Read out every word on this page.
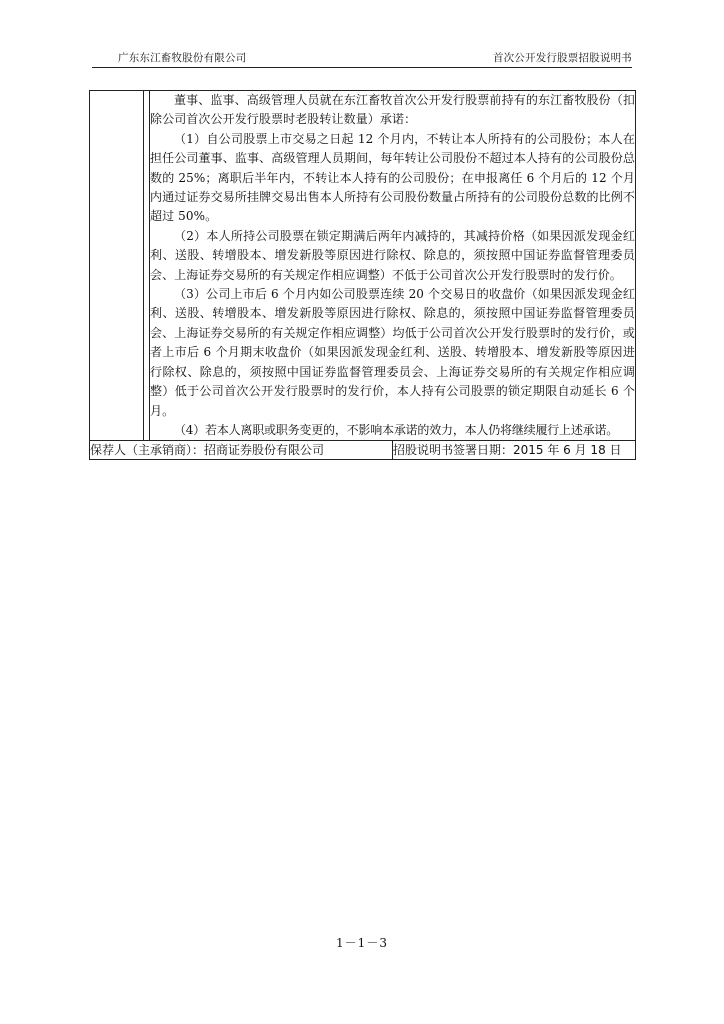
广东东江畜牧股份有限公司	首次公开发行股票招股说明书

		董事、监事、高级管理人员就在东江畜牧首次公开发行股票前持有的东江畜牧股份（扣除公司首次公开发行股票时老股转让数量）承诺：

（1）自公司股票上市交易之日起 12 个月内，不转让本人所持有的公司股份；本人在担任公司董事、监事、高级管理人员期间，每年转让公司股份不超过本人持有的公司股份总数的 25%；离职后半年内，不转让本人持有的公司股份；在申报离任 6 个月后的 12 个月内通过证券交易所挂牌交易出售本人所持有公司股份数量占所持有的公司股份总数的比例不超过 50%。

（2）本人所持公司股票在锁定期满后两年内减持的，其减持价格（如果因派发现金红利、送股、转增股本、增发新股等原因进行除权、除息的，须按照中国证券监督管理委员会、上海证券交易所的有关规定作相应调整）不低于公司首次公开发行股票时的发行价。

（3）公司上市后 6 个月内如公司股票连续 20 个交易日的收盘价（如果因派发现金红利、送股、转增股本、增发新股等原因进行除权、除息的，须按照中国证券监督管理委员会、上海证券交易所的有关规定作相应调整）均低于公司首次公开发行股票时的发行价，或者上市后 6 个月期末收盘价（如果因派发现金红利、送股、转增股本、增发新股等原因进行除权、除息的，须按照中国证券监督管理委员会、上海证券交易所的有关规定作相应调整）低于公司首次公开发行股票时的发行价，本人持有公司股票的锁定期限自动延长 6 个月。

（4）若本人离职或职务变更的，不影响本承诺的效力，本人仍将继续履行上述承诺。	

保荐人（主承销商）：招商证券股份有限公司			招股说明书签署日期：2015 年 6 月 18 日
1－1－3
